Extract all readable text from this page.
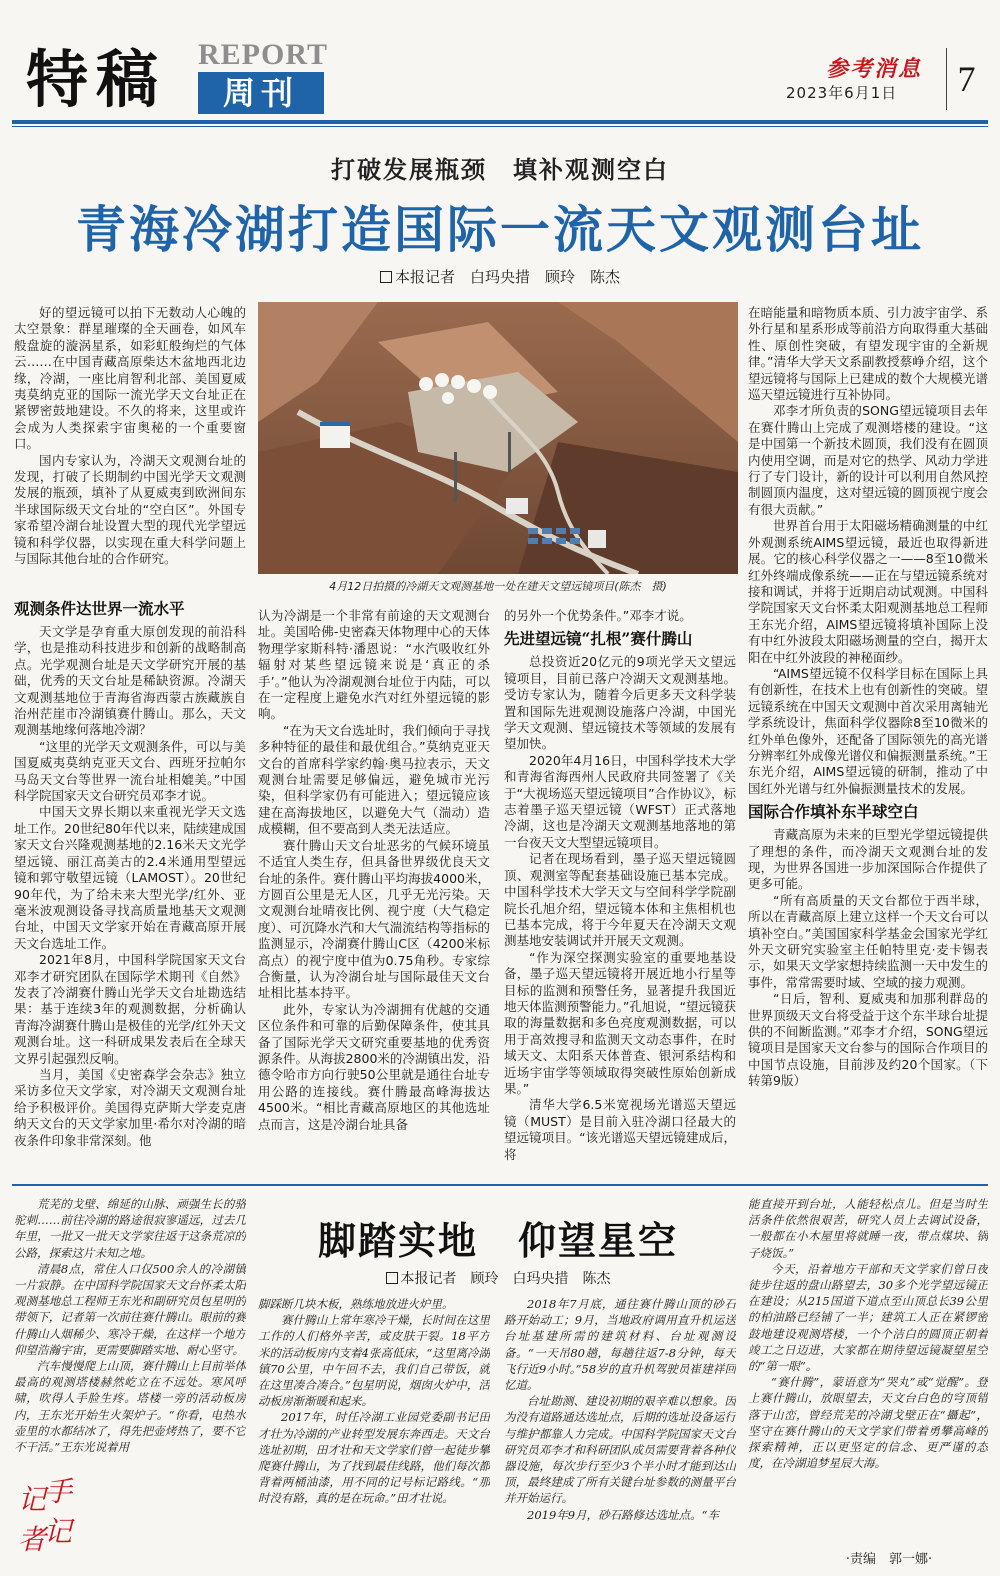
特稿 REPORT
周刊
参考消息
2023年6月1日	7
打破发展瓶颈　填补观测空白
青海冷湖打造国际一流天文观测台址
本报记者　白玛央措　顾玲　陈杰
4月12日拍摄的冷湖天文观测基地一处在建天文望远镜项目(陈杰　摄)

好的望远镜可以拍下无数动人心魄的太空景象：群星璀璨的全天画卷，如风车般盘旋的漩涡星系，如彩虹般绚烂的气体云……在中国青藏高原柴达木盆地西北边缘，冷湖，一座比肩智利北部、美国夏威夷莫纳克亚的国际一流光学天文台址正在紧锣密鼓地建设。不久的将来，这里或许会成为人类探索宇宙奥秘的一个重要窗口。

国内专家认为，冷湖天文观测台址的发现，打破了长期制约中国光学天文观测发展的瓶颈，填补了从夏威夷到欧洲间东半球国际级天文台址的“空白区”。外国专家希望冷湖台址设置大型的现代光学望远镜和科学仪器，以实现在重大科学问题上与国际其他台址的合作研究。

观测条件达世界一流水平

天文学是孕育重大原创发现的前沿科学，也是推动科技进步和创新的战略制高点。光学观测台址是天文学研究开展的基础，优秀的天文台址是稀缺资源。冷湖天文观测基地位于青海省海西蒙古族藏族自治州茫崖市冷湖镇赛什腾山。那么，天文观测基地缘何落地冷湖？

“这里的光学天文观测条件，可以与美国夏威夷莫纳克亚天文台、西班牙拉帕尔马岛天文台等世界一流台址相媲美。”中国科学院国家天文台研究员邓李才说。

中国天文界长期以来重视光学天文选址工作。20世纪80年代以来，陆续建成国家天文台兴隆观测基地的2.16米天文光学望远镜、丽江高美古的2.4米通用型望远镜和郭守敬望远镜（LAMOST）。20世纪90年代，为了给未来大型光学/红外、亚毫米波观测设备寻找高质量地基天文观测台址，中国天文学家开始在青藏高原开展天文台选址工作。

2021年8月，中国科学院国家天文台邓李才研究团队在国际学术期刊《自然》发表了冷湖赛什腾山光学天文台址勘选结果：基于连续3年的观测数据，分析确认青海冷湖赛什腾山是极佳的光学/红外天文观测台址。这一科研成果发表后在全球天文界引起强烈反响。

当月，美国《史密森学会杂志》独立采访多位天文学家，对冷湖天文观测台址给予积极评价。美国得克萨斯大学麦克唐纳天文台的天文学家加里·希尔对冷湖的暗夜条件印象非常深刻。他

认为冷湖是一个非常有前途的天文观测台址。美国哈佛-史密森天体物理中心的天体物理学家斯科特·潘恩说：“水汽吸收红外辐射对某些望远镜来说是‘真正的杀手’。”他认为冷湖观测台址位于内陆，可以在一定程度上避免水汽对红外望远镜的影响。

“在为天文台选址时，我们倾向于寻找多种特征的最佳和最优组合。”莫纳克亚天文台的首席科学家约翰·奥马拉表示，天文观测台址需要足够偏远，避免城市光污染，但科学家仍有可能进入；望远镜应该建在高海拔地区，以避免大气（湍动）造成模糊，但不要高到人类无法适应。

赛什腾山天文台址恶劣的气候环境虽不适宜人类生存，但具备世界级优良天文台址的条件。赛什腾山平均海拔4000米，方圆百公里是无人区，几乎无光污染。天文观测台址晴夜比例、视宁度（大气稳定度）、可沉降水汽和大气湍流结构等指标的监测显示，冷湖赛什腾山C区（4200米标高点）的视宁度中值为0.75角秒。专家综合衡量，认为冷湖台址与国际最佳天文台址相比基本持平。

此外，专家认为冷湖拥有优越的交通区位条件和可靠的后勤保障条件，使其具备了国际光学天文研究重要基地的优秀资源条件。从海拔2800米的冷湖镇出发，沿德令哈市方向行驶50公里就是通往台址专用公路的连接线。赛什腾最高峰海拔达4500米。“相比青藏高原地区的其他选址点而言，这是冷湖台址具备

的另外一个优势条件。”邓李才说。

先进望远镜“扎根”赛什腾山

总投资近20亿元的9项光学天文望远镜项目，目前已落户冷湖天文观测基地。受访专家认为，随着今后更多天文科学装置和国际先进观测设施落户冷湖，中国光学天文观测、望远镜技术等领域的发展有望加快。

2020年4月16日，中国科学技术大学和青海省海西州人民政府共同签署了《关于“大视场巡天望远镜项目”合作协议》，标志着墨子巡天望远镜（WFST）正式落地冷湖，这也是冷湖天文观测基地落地的第一台夜天文大型望远镜项目。

记者在现场看到，墨子巡天望远镜圆顶、观测室等配套基础设施已基本完成。中国科学技术大学天文与空间科学学院副院长孔旭介绍，望远镜本体和主焦相机也已基本完成，将于今年夏天在冷湖天文观测基地安装调试并开展天文观测。

“作为深空探测实验室的重要地基设备，墨子巡天望远镜将开展近地小行星等目标的监测和预警任务，显著提升我国近地天体监测预警能力。”孔旭说，“望远镜获取的海量数据和多色亮度观测数据，可以用于高效搜寻和监测天文动态事件，在时域天文、太阳系天体普查、银河系结构和近场宇宙学等领域取得突破性原始创新成果。”

清华大学6.5米宽视场光谱巡天望远镜（MUST）是目前入驻冷湖口径最大的望远镜项目。“该光谱巡天望远镜建成后，将

在暗能量和暗物质本质、引力波宇宙学、系外行星和星系形成等前沿方向取得重大基础性、原创性突破，有望发现宇宙的全新规律。”清华大学天文系副教授蔡峥介绍，这个望远镜将与国际上已建成的数个大规模光谱巡天望远镜进行互补协同。

邓李才所负责的SONG望远镜项目去年在赛什腾山上完成了观测塔楼的建设。“这是中国第一个新技术圆顶，我们没有在圆顶内使用空调，而是对它的热学、风动力学进行了专门设计，新的设计可以利用自然风控制圆顶内温度，这对望远镜的圆顶视宁度会有很大贡献。”

世界首台用于太阳磁场精确测量的中红外观测系统AIMS望远镜，最近也取得新进展。它的核心科学仪器之一——8至10微米红外终端成像系统——正在与望远镜系统对接和调试，并将于近期启动试观测。中国科学院国家天文台怀柔太阳观测基地总工程师王东光介绍，AIMS望远镜将填补国际上没有中红外波段太阳磁场测量的空白，揭开太阳在中红外波段的神秘面纱。

“AIMS望远镜不仅科学目标在国际上具有创新性，在技术上也有创新性的突破。望远镜系统在中国天文观测中首次采用离轴光学系统设计，焦面科学仪器除8至10微米的红外单色像外，还配备了国际领先的高光谱分辨率红外成像光谱仪和偏振测量系统。”王东光介绍，AIMS望远镜的研制，推动了中国红外光谱与红外偏振测量技术的发展。

国际合作填补东半球空白

青藏高原为未来的巨型光学望远镜提供了理想的条件，而冷湖天文观测台址的发现，为世界各国进一步加深国际合作提供了更多可能。

“所有高质量的天文台都位于西半球，所以在青藏高原上建立这样一个天文台可以填补空白。”美国国家科学基金会国家光学红外天文研究实验室主任帕特里克·麦卡锡表示，如果天文学家想持续监测一天中发生的事件，常常需要时域、空域的接力观测。

“日后，智利、夏威夷和加那利群岛的世界顶级天文台将受益于这个东半球台址提供的不间断监测。”邓李才介绍，SONG望远镜项目是国家天文台参与的国际合作项目的中国节点设施，目前涉及约20个国家。（下转第9版）

脚踏实地　仰望星空
本报记者　顾玲　白玛央措　陈杰

荒芜的戈壁、绵延的山脉、顽强生长的骆驼刺……前往冷湖的路途很寂寥遥远，过去几年里，一批又一批天文学家往返于这条荒凉的公路，探索这片未知之地。

清晨8点，常住人口仅500余人的冷湖镇一片寂静。在中国科学院国家天文台怀柔太阳观测基地总工程师王东光和副研究员包星明的带领下，记者第一次前往赛什腾山。眼前的赛什腾山人烟稀少、寒冷干燥，在这样一个地方仰望浩瀚宇宙，更需要脚踏实地、耐心坚守。

汽车慢慢爬上山顶，赛什腾山上目前举体最高的观测塔楼赫然屹立在不远处。寒风呼啸，吹得人手脸生疼。塔楼一旁的活动板房内，王东光开始生火架炉子。“你看，电热水壶里的水都结冰了，得先把壶烤热了，要不它不干活。”王东光说着用

记
手
者
记

脚踩断几块木板，熟练地放进火炉里。

赛什腾山上常年寒冷干燥，长时间在这里工作的人们格外辛苦，或皮肤干裂。18平方米的活动板房内支着4张高低床，“这里离冷湖镇70公里，中午回不去，我们自己带饭，就在这里凑合凑合。”包星明说，烟囱火炉中，活动板房渐渐暖和起来。

2017年，时任冷湖工业园党委副书记田才壮为冷湖的产业转型发展东奔西走。天文台选址初期，田才壮和天文学家们曾一起徒步攀爬赛什腾山，为了找到最佳线路，他们每次都背着两桶油漆，用不同的记号标记路线。“那时没有路，真的是在玩命。”田才壮说。

2018年7月底，通往赛什腾山顶的砂石路开始动工；9月，当地政府调用直升机运送台址基建所需的建筑材料、台址观测设备。“一天吊80趟，每趟往返7-8分钟，每天飞行近9小时。”58岁的直升机驾驶员崔建祥回忆道。

台址勘测、建设初期的艰辛难以想象。因为没有道路通达选址点，后期的选址设备运行与维护都靠人力完成。中国科学院国家天文台研究员邓李才和科研团队成员需要背着各种仪器设施，每次步行至少3个半小时才能到达山顶，最终建成了所有关键台址参数的测量平台并开始运行。

2019年9月，砂石路修达选址点。“车

能直接开到台址，人能轻松点儿。但是当时生活条件依然很艰苦，研究人员上去调试设备，一般都在小木屋里将就睡一夜，带点煤块、锅子烧饭。”

今天，沿着地方干部和天文学家们曾日夜徒步往返的盘山路望去，30多个光学望远镜正在建设；从215国道下道点至山顶总长39公里的柏油路已经铺了一半；建筑工人正在紧锣密鼓地建设观测塔楼，一个个洁白的圆顶正朝着竣工之日迈进，大家都在期待望远镜凝望星空的“第一眼”。

“赛什腾”，蒙语意为“哭丸”或“觉醒”。登上赛什腾山，放眼望去，天文台白色的穹顶错落于山峦，曾经荒芜的冷湖戈壁正在“攝起”，坚守在赛什腾山的天文学家们带着勇攀高峰的探索精神，正以更坚定的信念、更严谨的态度，在冷湖追梦星辰大海。

·责编　郭一娜·
